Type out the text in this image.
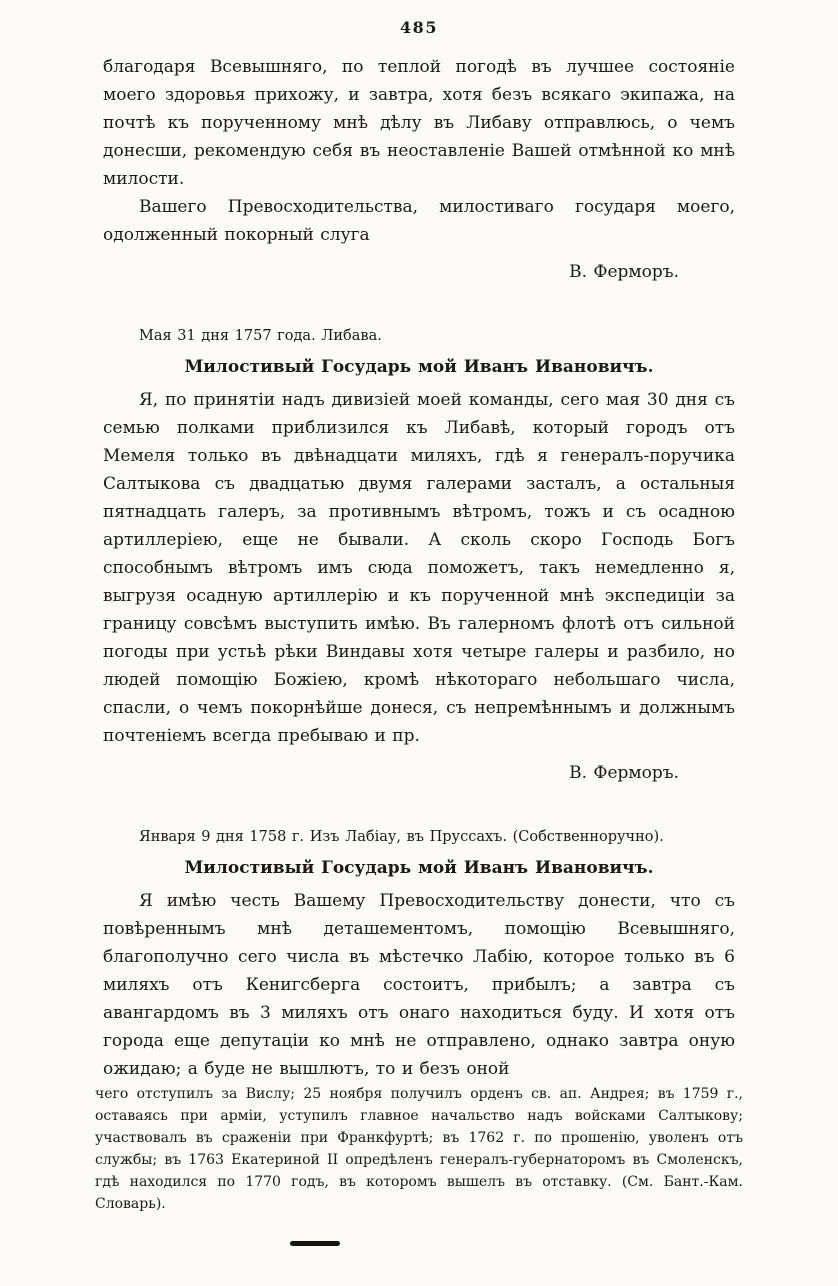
485

благодаря Всевышняго, по теплой погодѣ въ лучшее состояніе моего здоровья прихожу, и завтра, хотя безъ всякаго экипажа, на почтѣ къ порученному мнѣ дѣлу въ Либаву отправлюсь, о чемъ донесши, рекомендую себя въ неоставленіе Вашей отмѣнной ко мнѣ милости.

Вашего Превосходительства, милостиваго государя моего, одолженный покорный слуга

В. Ферморъ.

Мая 31 дня 1757 года. Либава.

Милостивый Государь мой Иванъ Ивановичъ.

Я, по принятіи надъ дивизіей моей команды, сего мая 30 дня съ семью полками приблизился къ Либавѣ, который городъ отъ Мемеля только въ двѣнадцати миляхъ, гдѣ я генералъ-поручика Салтыкова съ двадцатью двумя галерами засталъ, а остальныя пятнадцать галеръ, за противнымъ вѣтромъ, тожъ и съ осадною артиллеріею, еще не бывали. А сколь скоро Господь Богъ способнымъ вѣтромъ имъ сюда поможетъ, такъ немедленно я, выгрузя осадную артиллерію и къ порученной мнѣ экспедиціи за границу совсѣмъ выступить имѣю. Въ галерномъ флотѣ отъ сильной погоды при устьѣ рѣки Виндавы хотя четыре галеры и разбило, но людей помощію Божіею, кромѣ нѣкотораго небольшаго числа, спасли, о чемъ покорнѣйше донеся, съ непремѣннымъ и должнымъ почтеніемъ всегда пребываю и пр.

В. Ферморъ.

Января 9 дня 1758 г. Изъ Лабіау, въ Пруссахъ. (Собственноручно).

Милостивый Государь мой Иванъ Ивановичъ.

Я имѣю честь Вашему Превосходительству донести, что съ повѣреннымъ мнѣ деташементомъ, помощію Всевышняго, благополучно сего числа въ мѣстечко Лабію, которое только въ 6 миляхъ отъ Кенигсберга состоитъ, прибылъ; а завтра съ авангардомъ въ 3 миляхъ отъ онаго находиться буду. И хотя отъ города еще депутаціи ко мнѣ не отправлено, однако завтра оную ожидаю; а буде не вышлютъ, то и безъ оной

чего отступилъ за Вислу; 25 ноября получилъ орденъ св. ап. Андрея; въ 1759 г., оставаясь при арміи, уступилъ главное начальство надъ войсками Салтыкову; участвовалъ въ сраженіи при Франкфуртѣ; въ 1762 г. по прошенію, уволенъ отъ службы; въ 1763 Екатериной II опредѣленъ генералъ-губернаторомъ въ Смоленскъ, гдѣ находился по 1770 годъ, въ которомъ вышелъ въ отставку. (См. Бант.-Кам. Словарь).
